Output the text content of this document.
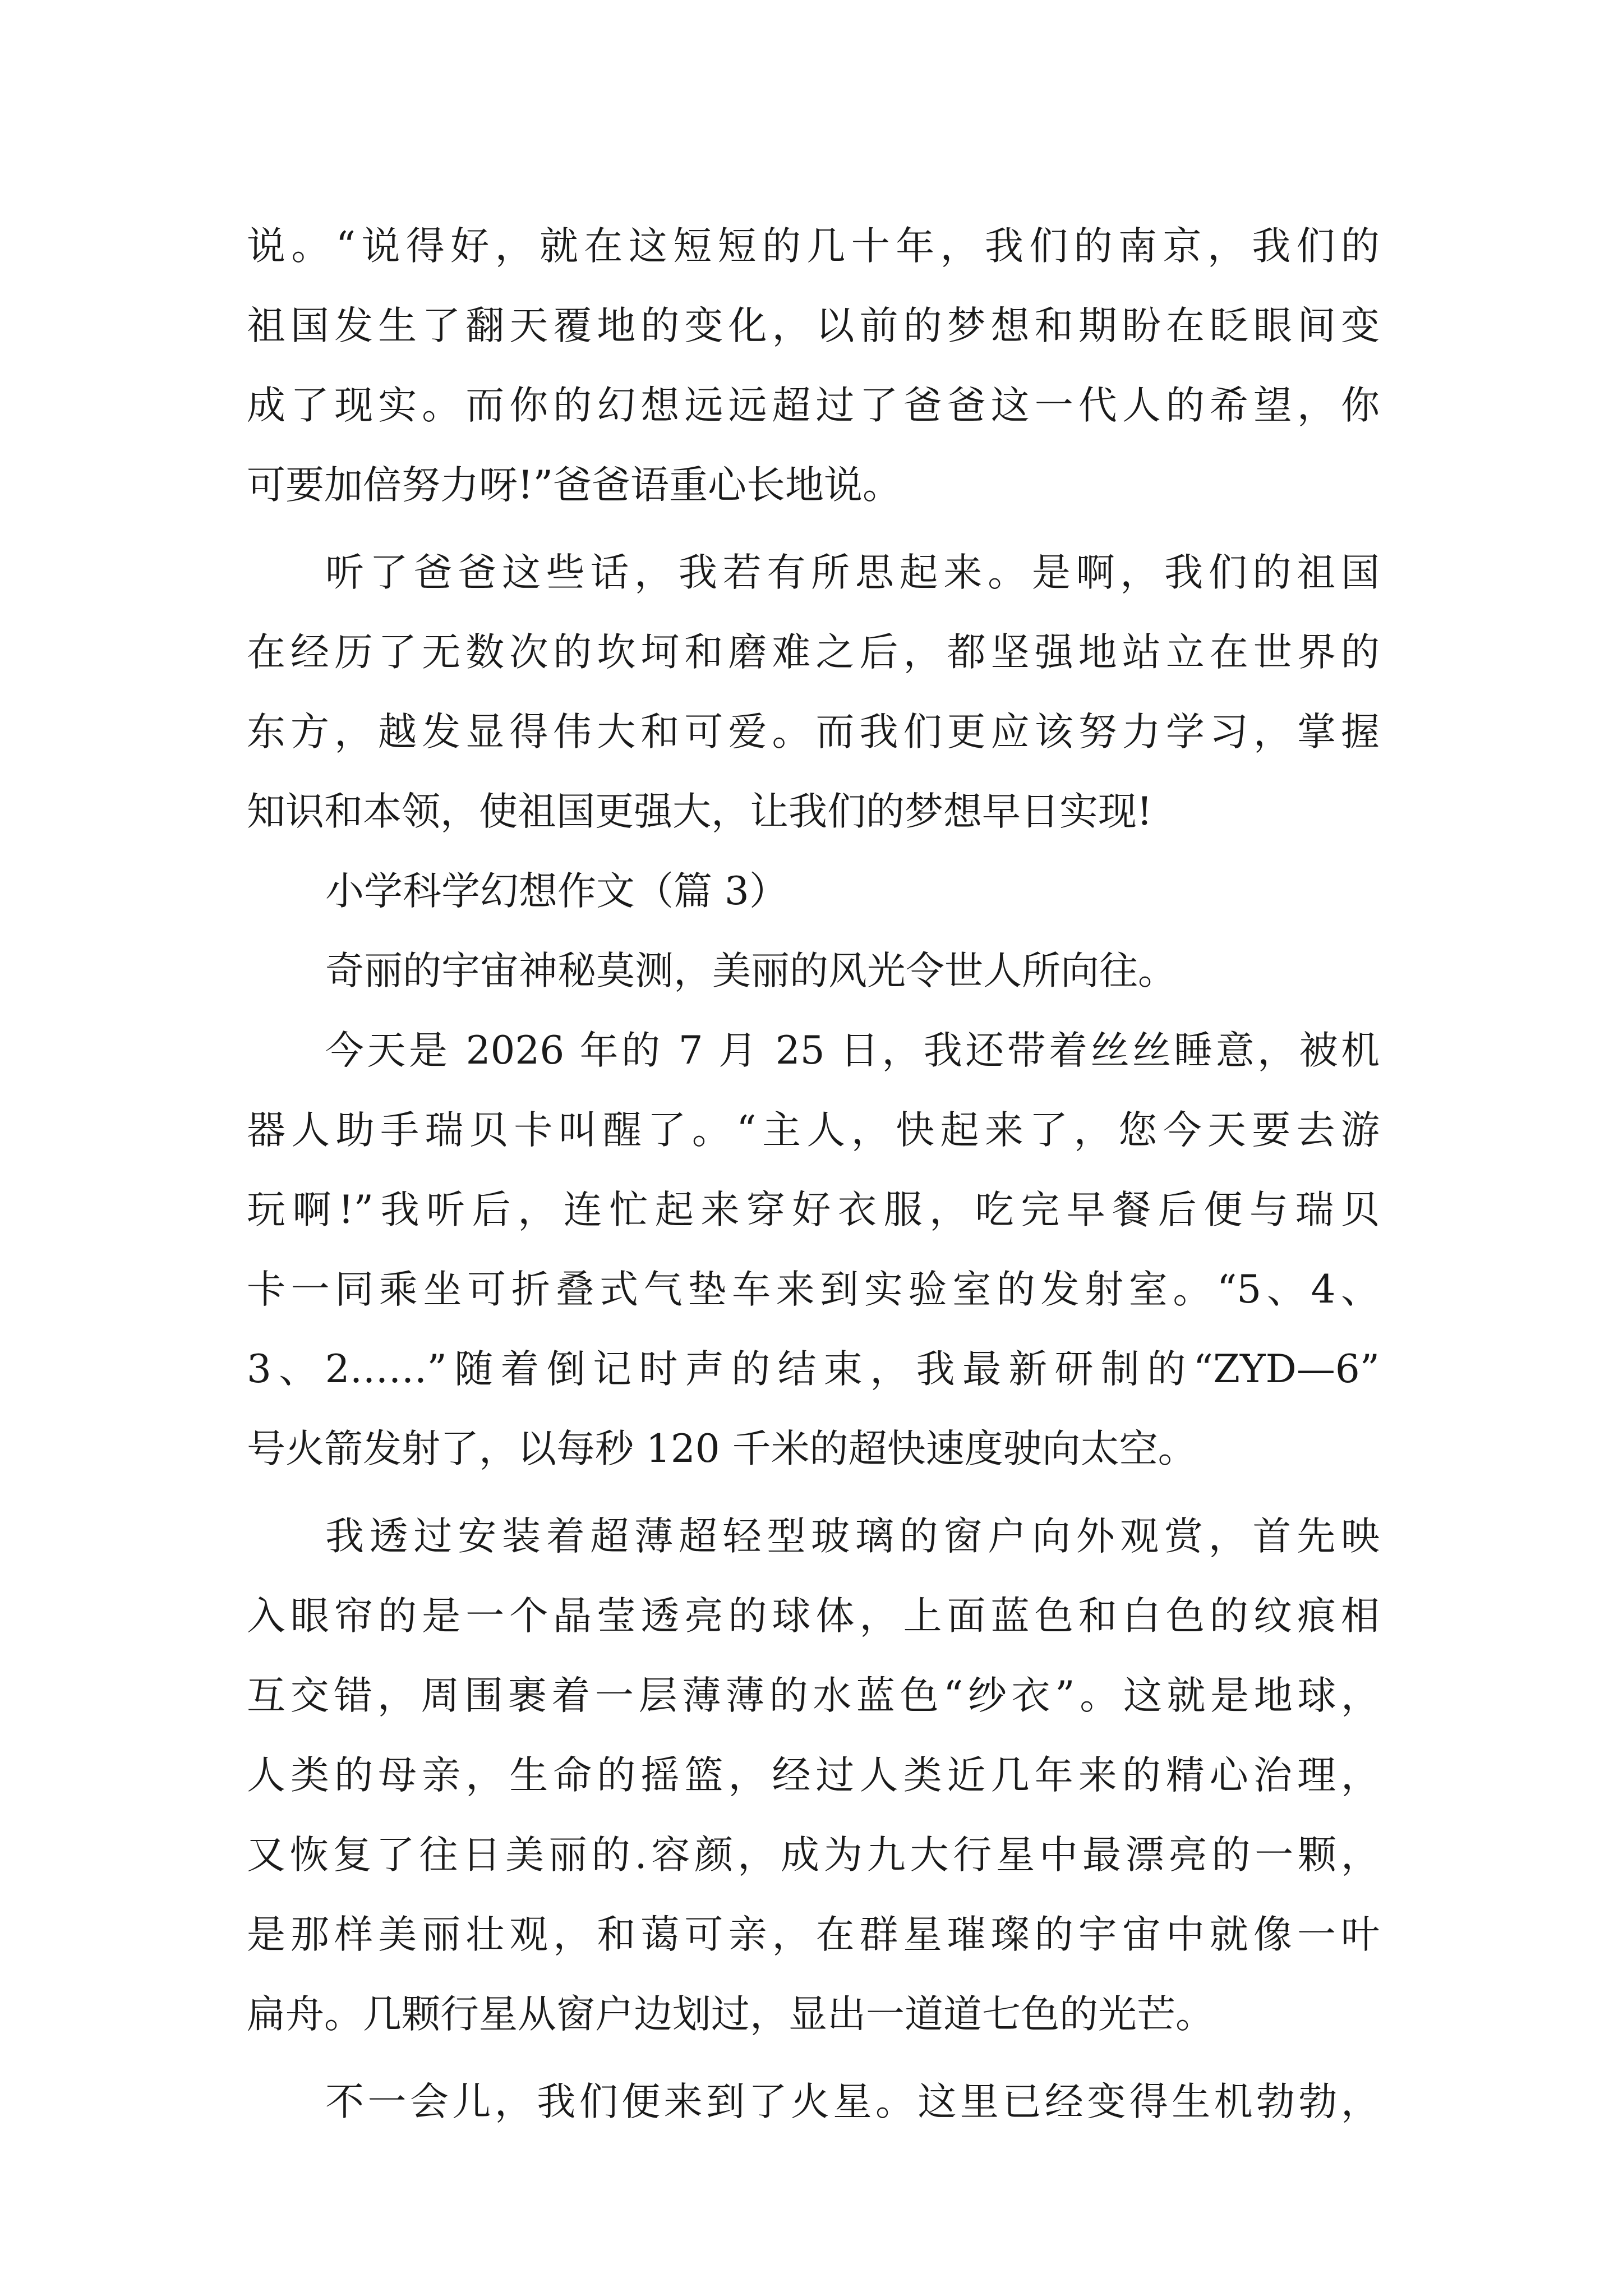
说。“说得好，就在这短短的几十年，我们的南京，我们的
祖国发生了翻天覆地的变化，以前的梦想和期盼在眨眼间变
成了现实。而你的幻想远远超过了爸爸这一代人的希望，你
可要加倍努力呀!”爸爸语重心长地说。
听了爸爸这些话，我若有所思起来。是啊，我们的祖国
在经历了无数次的坎坷和磨难之后，都坚强地站立在世界的
东方，越发显得伟大和可爱。而我们更应该努力学习，掌握
知识和本领，使祖国更强大，让我们的梦想早日实现!
小学科学幻想作文（篇 3）
奇丽的宇宙神秘莫测，美丽的风光令世人所向往。
今天是 2026 年的 7 月 25 日，我还带着丝丝睡意，被机
器人助手瑞贝卡叫醒了。“主人，快起来了，您今天要去游
玩啊!”我听后，连忙起来穿好衣服，吃完早餐后便与瑞贝
卡一同乘坐可折叠式气垫车来到实验室的发射室。“5、4、
3、2……”随着倒记时声的结束，我最新研制的“ZYD—6”
号火箭发射了，以每秒 120 千米的超快速度驶向太空。
我透过安装着超薄超轻型玻璃的窗户向外观赏，首先映
入眼帘的是一个晶莹透亮的球体，上面蓝色和白色的纹痕相
互交错，周围裹着一层薄薄的水蓝色“纱衣”。这就是地球，
人类的母亲，生命的摇篮，经过人类近几年来的精心治理，
又恢复了往日美丽的.容颜，成为九大行星中最漂亮的一颗，
是那样美丽壮观，和蔼可亲，在群星璀璨的宇宙中就像一叶
扁舟。几颗行星从窗户边划过，显出一道道七色的光芒。
不一会儿，我们便来到了火星。这里已经变得生机勃勃，
